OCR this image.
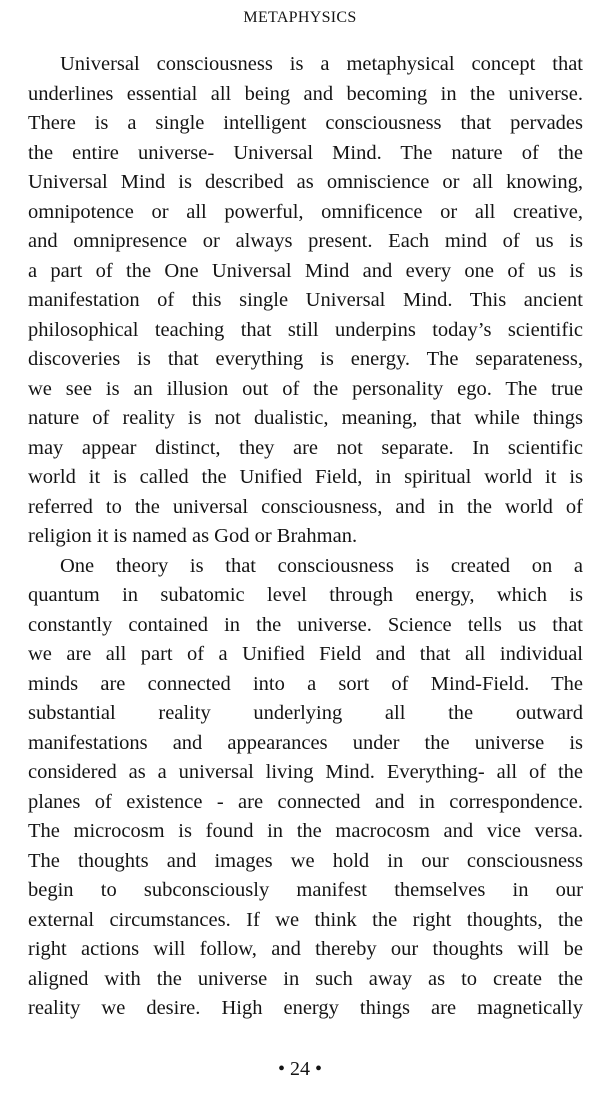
METAPHYSICS
Universal consciousness is a metaphysical concept that
underlines essential all being and becoming in the universe.
There is a single intelligent consciousness that pervades
the entire universe- Universal Mind. The nature of the
Universal Mind is described as omniscience or all knowing,
omnipotence or all powerful, omnificence or all creative,
and omnipresence or always present. Each mind of us is
a part of the One Universal Mind and every one of us is
manifestation of this single Universal Mind. This ancient
philosophical teaching that still underpins today’s scientific
discoveries is that everything is energy. The separateness,
we see is an illusion out of the personality ego. The true
nature of reality is not dualistic, meaning, that while things
may appear distinct, they are not separate. In scientific
world it is called the Unified Field, in spiritual world it is
referred to the universal consciousness, and in the world of
religion it is named as God or Brahman.
One theory is that consciousness is created on a
quantum in subatomic level through energy, which is
constantly contained in the universe. Science tells us that
we are all part of a Unified Field and that all individual
minds are connected into a sort of Mind-Field. The
substantial reality underlying all the outward
manifestations and appearances under the universe is
considered as a universal living Mind. Everything- all of the
planes of existence - are connected and in correspondence.
The microcosm is found in the macrocosm and vice versa.
The thoughts and images we hold in our consciousness
begin to subconsciously manifest themselves in our
external circumstances. If we think the right thoughts, the
right actions will follow, and thereby our thoughts will be
aligned with the universe in such away as to create the
reality we desire. High energy things are magnetically
• 24 •
